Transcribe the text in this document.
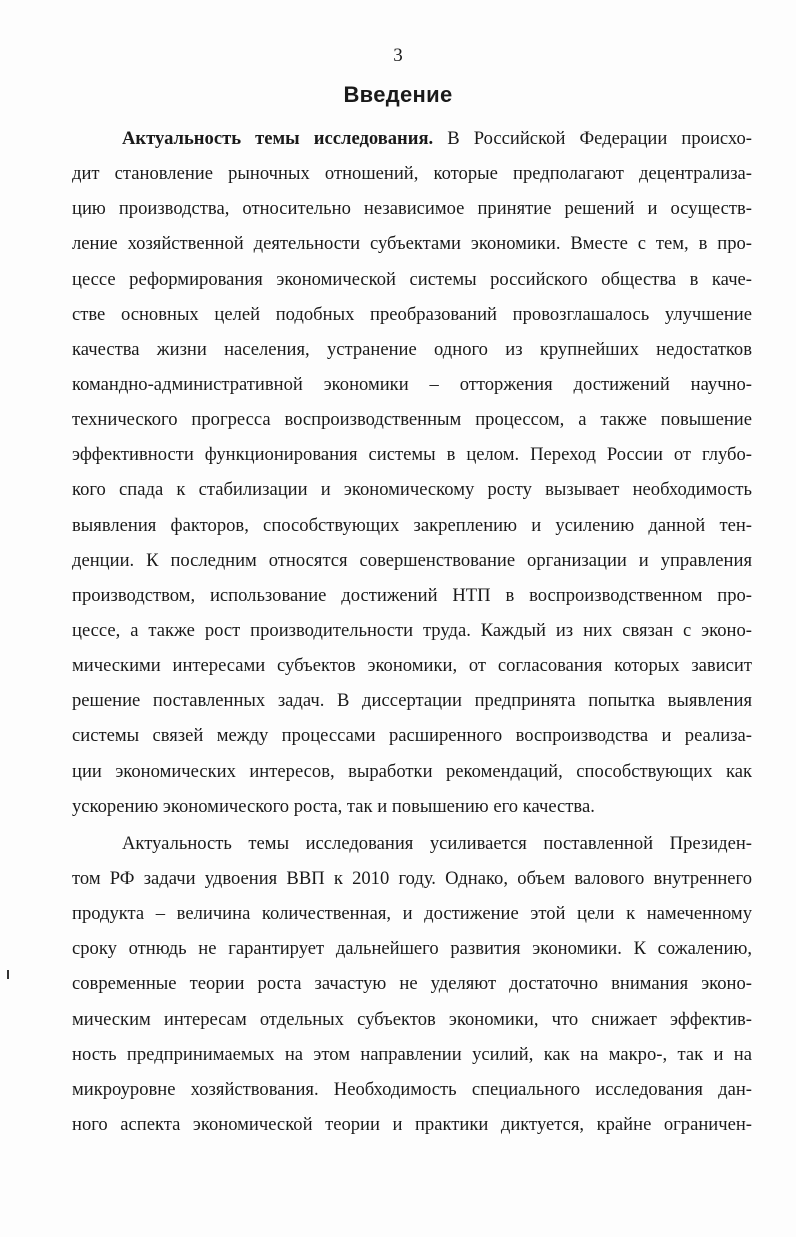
3
Введение
Актуальность темы исследования. В Российской Федерации происхо-
дит становление рыночных отношений, которые предполагают децентрализа-
цию производства, относительно независимое принятие решений и осуществ-
ление хозяйственной деятельности субъектами экономики. Вместе с тем, в про-
цессе реформирования экономической системы российского общества в каче-
стве основных целей подобных преобразований провозглашалось улучшение
качества жизни населения, устранение одного из крупнейших недостатков
командно-административной экономики – отторжения достижений научно-
технического прогресса воспроизводственным процессом, а также повышение
эффективности функционирования системы в целом. Переход России от глубо-
кого спада к стабилизации и экономическому росту вызывает необходимость
выявления факторов, способствующих закреплению и усилению данной тен-
денции. К последним относятся совершенствование организации и управления
производством, использование достижений НТП в воспроизводственном про-
цессе, а также рост производительности труда. Каждый из них связан с эконо-
мическими интересами субъектов экономики, от согласования которых зависит
решение поставленных задач. В диссертации предпринята попытка выявления
системы связей между процессами расширенного воспроизводства и реализа-
ции экономических интересов, выработки рекомендаций, способствующих как
ускорению экономического роста, так и повышению его качества.
Актуальность темы исследования усиливается поставленной Президен-
том РФ задачи удвоения ВВП к 2010 году. Однако, объем валового внутреннего
продукта – величина количественная, и достижение этой цели к намеченному
сроку отнюдь не гарантирует дальнейшего развития экономики. К сожалению,
современные теории роста зачастую не уделяют достаточно внимания эконо-
мическим интересам отдельных субъектов экономики, что снижает эффектив-
ность предпринимаемых на этом направлении усилий, как на макро-, так и на
микроуровне хозяйствования. Необходимость специального исследования дан-
ного аспекта экономической теории и практики диктуется, крайне ограничен-
